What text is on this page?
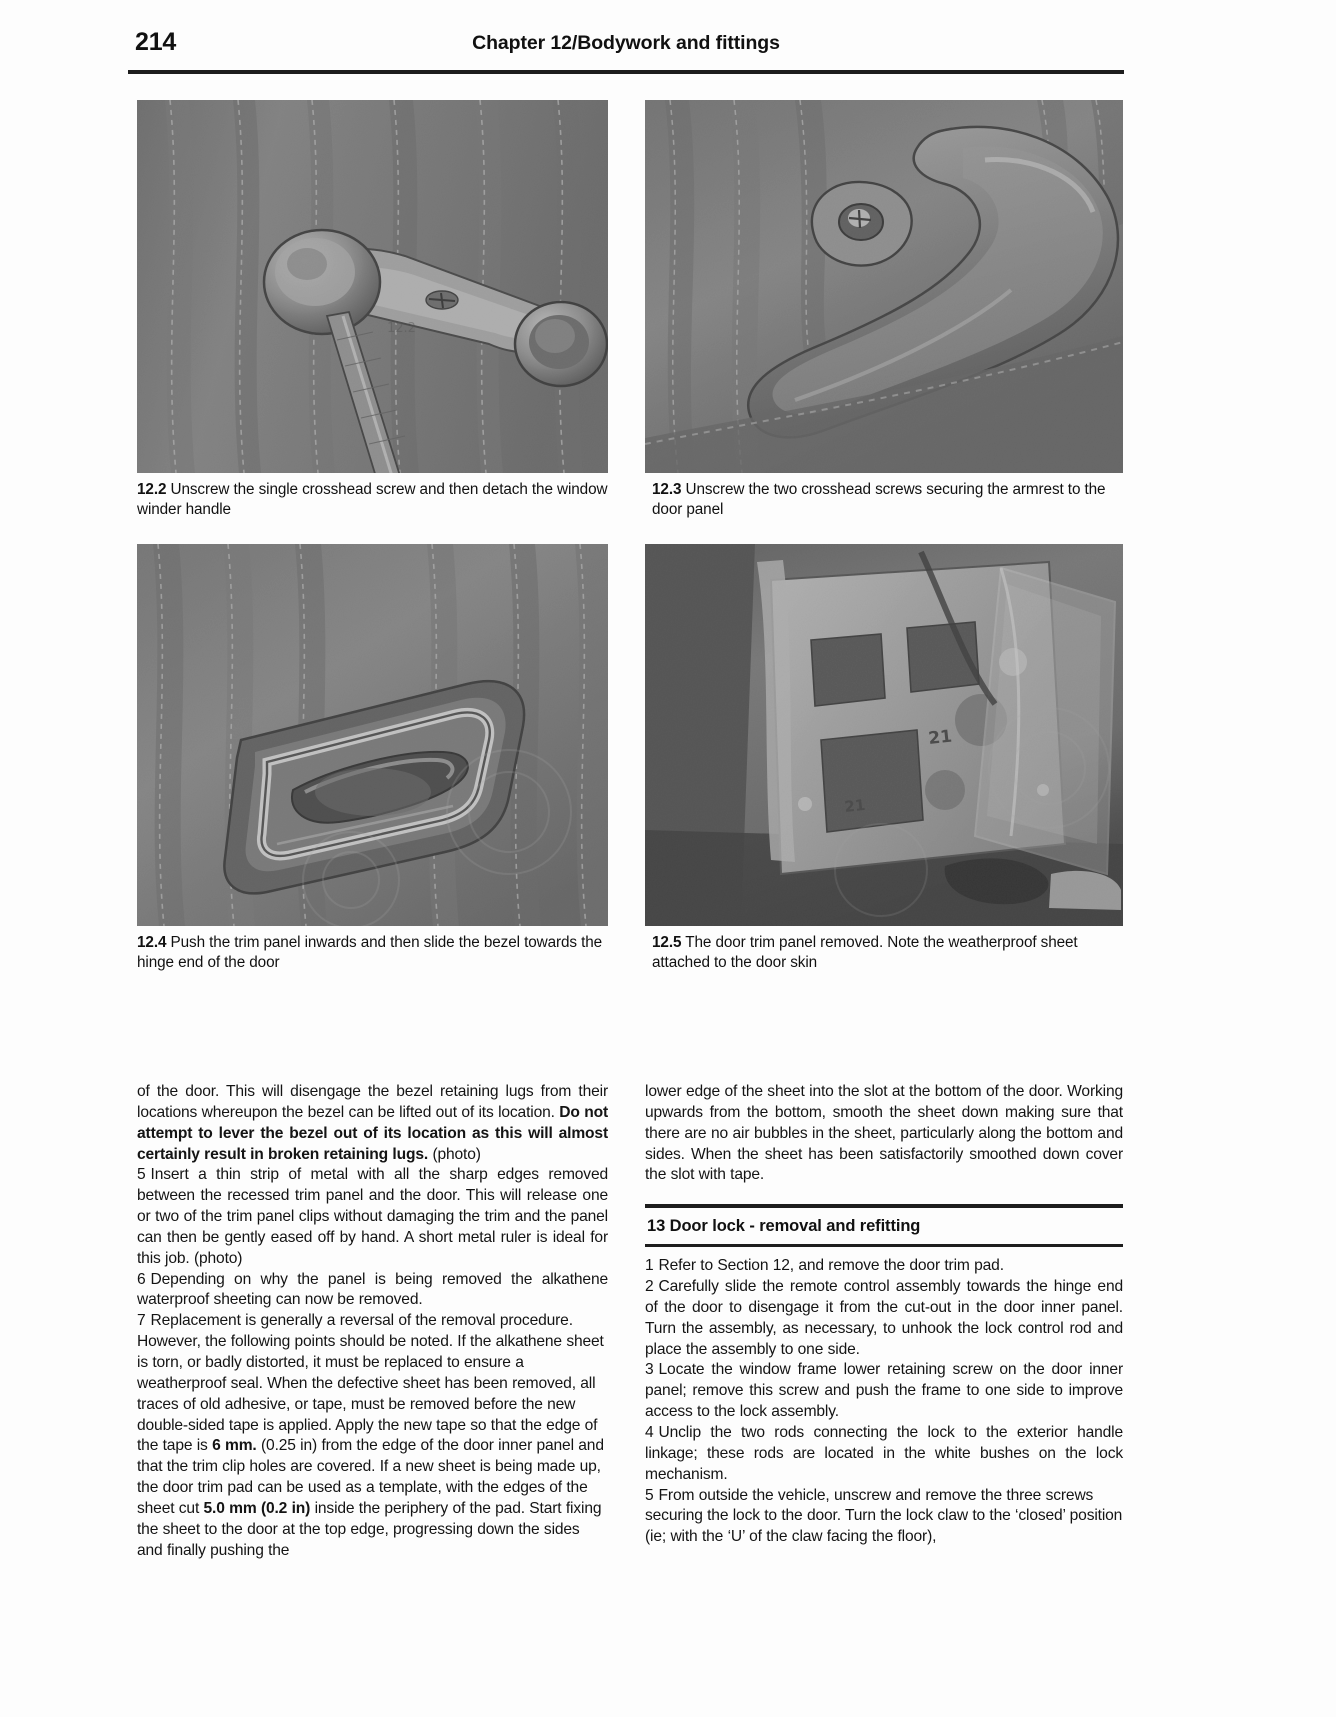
214	Chapter 12/Bodywork and fittings
12.2
12.2 Unscrew the single crosshead screw and then detach the window winder handle
12.3 Unscrew the two crosshead screws securing the armrest to the door panel
12.4 Push the trim panel inwards and then slide the bezel towards the hinge end of the door
21
21
12.5 The door trim panel removed. Note the weatherproof sheet attached to the door skin

of the door. This will disengage the bezel retaining lugs from their locations whereupon the bezel can be lifted out of its location. Do not attempt to lever the bezel out of its location as this will almost certainly result in broken retaining lugs. (photo)

5 Insert a thin strip of metal with all the sharp edges removed between the recessed trim panel and the door. This will release one or two of the trim panel clips without damaging the trim and the panel can then be gently eased off by hand. A short metal ruler is ideal for this job. (photo)

6 Depending on why the panel is being removed the alkathene waterproof sheeting can now be removed.

7 Replacement is generally a reversal of the removal procedure. However, the following points should be noted. If the alkathene sheet is torn, or badly distorted, it must be replaced to ensure a weatherproof seal. When the defective sheet has been removed, all traces of old adhesive, or tape, must be removed before the new double-sided tape is applied. Apply the new tape so that the edge of the tape is 6 mm. (0.25 in) from the edge of the door inner panel and that the trim clip holes are covered. If a new sheet is being made up, the door trim pad can be used as a template, with the edges of the sheet cut 5.0 mm (0.2 in) inside the periphery of the pad. Start fixing the sheet to the door at the top edge, progressing down the sides and finally pushing the

lower edge of the sheet into the slot at the bottom of the door. Working upwards from the bottom, smooth the sheet down making sure that there are no air bubbles in the sheet, particularly along the bottom and sides. When the sheet has been satisfactorily smoothed down cover the slot with tape.

13 Door lock - removal and refitting

1 Refer to Section 12, and remove the door trim pad.

2 Carefully slide the remote control assembly towards the hinge end of the door to disengage it from the cut-out in the door inner panel. Turn the assembly, as necessary, to unhook the lock control rod and place the assembly to one side.

3 Locate the window frame lower retaining screw on the door inner panel; remove this screw and push the frame to one side to improve access to the lock assembly.

4 Unclip the two rods connecting the lock to the exterior handle linkage; these rods are located in the white bushes on the lock mechanism.

5 From outside the vehicle, unscrew and remove the three screws securing the lock to the door. Turn the lock claw to the ‘closed’ position (ie; with the ‘U’ of the claw facing the floor),
